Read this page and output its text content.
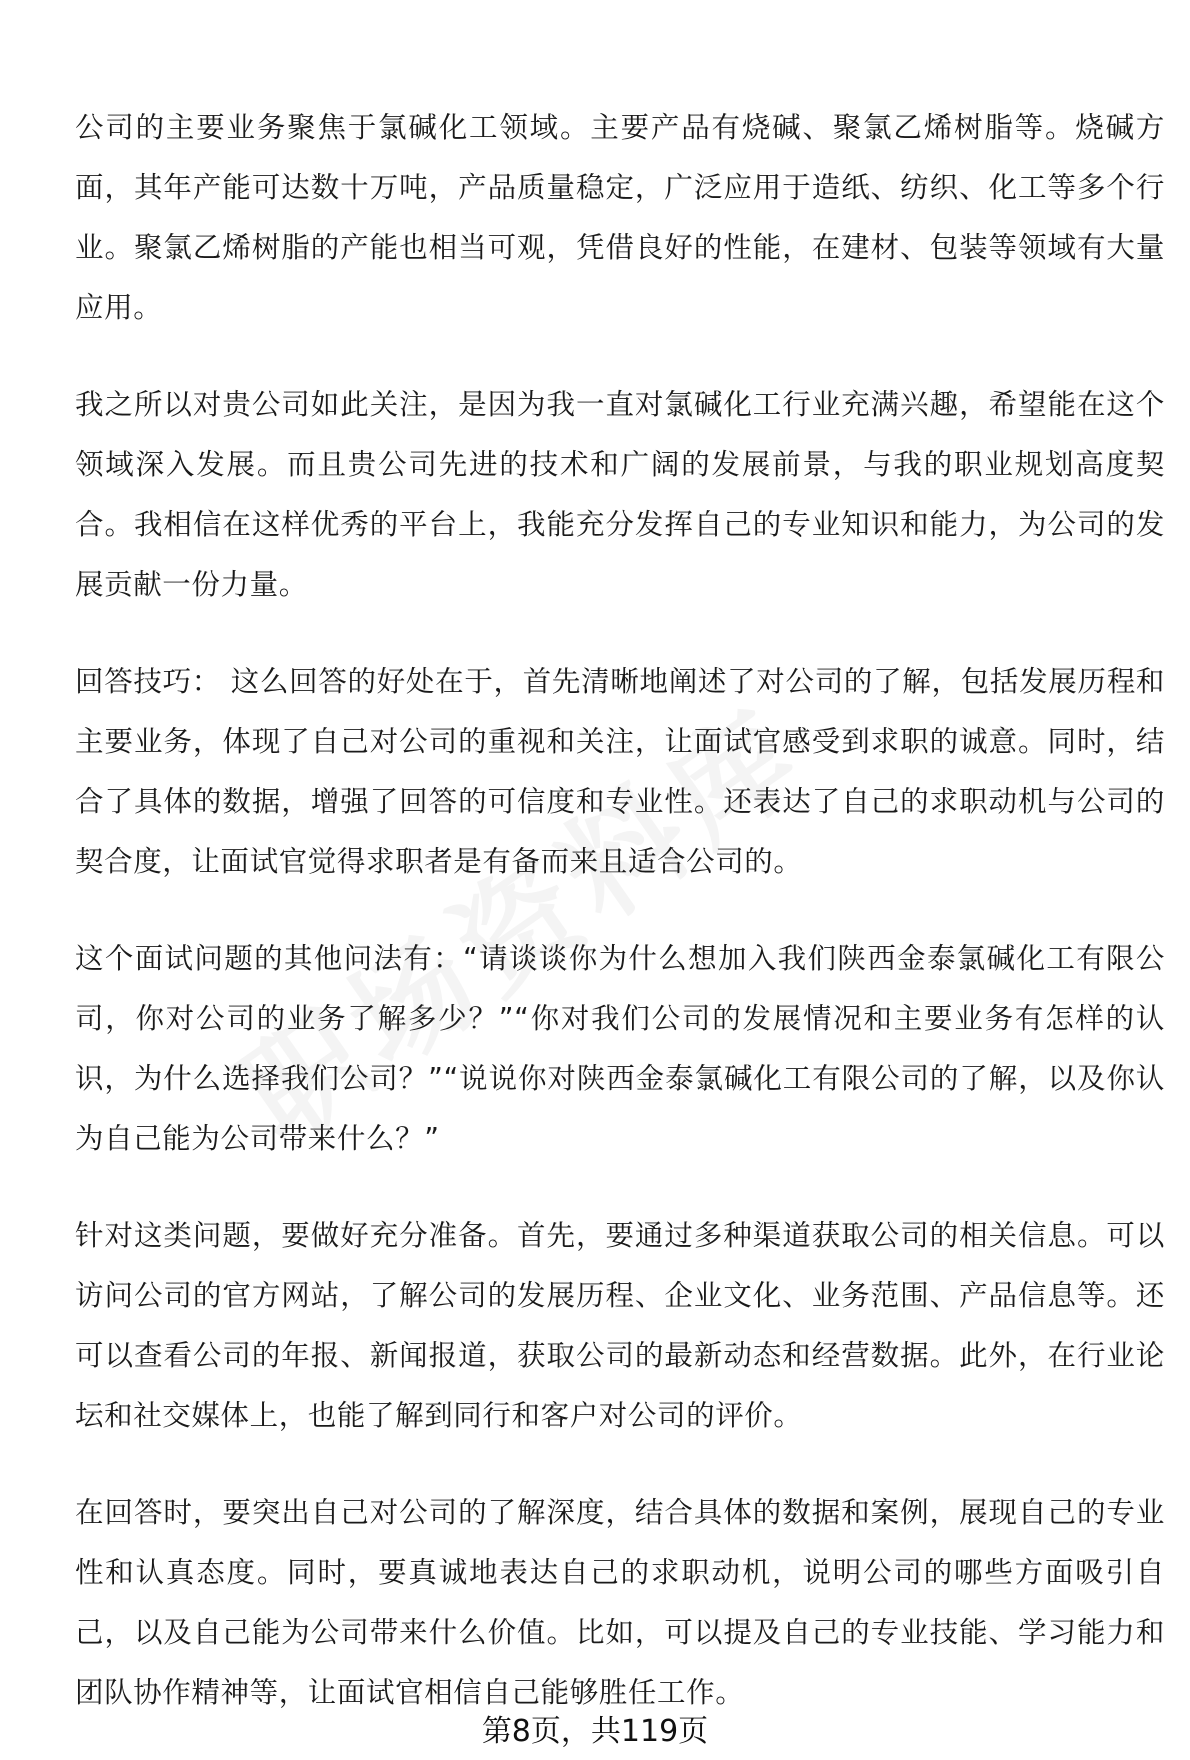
公司的主要业务聚焦于氯碱化工领域。主要产品有烧碱、聚氯乙烯树脂等。烧碱方面，其年产能可达数十万吨，产品质量稳定，广泛应用于造纸、纺织、化工等多个行业。聚氯乙烯树脂的产能也相当可观，凭借良好的性能，在建材、包装等领域有大量应用。

我之所以对贵公司如此关注，是因为我一直对氯碱化工行业充满兴趣，希望能在这个领域深入发展。而且贵公司先进的技术和广阔的发展前景，与我的职业规划高度契合。我相信在这样优秀的平台上，我能充分发挥自己的专业知识和能力，为公司的发展贡献一份力量。

回答技巧： 这么回答的好处在于，首先清晰地阐述了对公司的了解，包括发展历程和主要业务，体现了自己对公司的重视和关注，让面试官感受到求职的诚意。同时，结合了具体的数据，增强了回答的可信度和专业性。还表达了自己的求职动机与公司的契合度，让面试官觉得求职者是有备而来且适合公司的。

这个面试问题的其他问法有：“请谈谈你为什么想加入我们陕西金泰氯碱化工有限公司，你对公司的业务了解多少？”“你对我们公司的发展情况和主要业务有怎样的认识，为什么选择我们公司？”“说说你对陕西金泰氯碱化工有限公司的了解，以及你认为自己能为公司带来什么？”

针对这类问题，要做好充分准备。首先，要通过多种渠道获取公司的相关信息。可以访问公司的官方网站，了解公司的发展历程、企业文化、业务范围、产品信息等。还可以查看公司的年报、新闻报道，获取公司的最新动态和经营数据。此外，在行业论坛和社交媒体上，也能了解到同行和客户对公司的评价。

在回答时，要突出自己对公司的了解深度，结合具体的数据和案例，展现自己的专业性和认真态度。同时，要真诚地表达自己的求职动机，说明公司的哪些方面吸引自己，以及自己能为公司带来什么价值。比如，可以提及自己的专业技能、学习能力和团队协作精神等，让面试官相信自己能够胜任工作。

第8页，共119页
